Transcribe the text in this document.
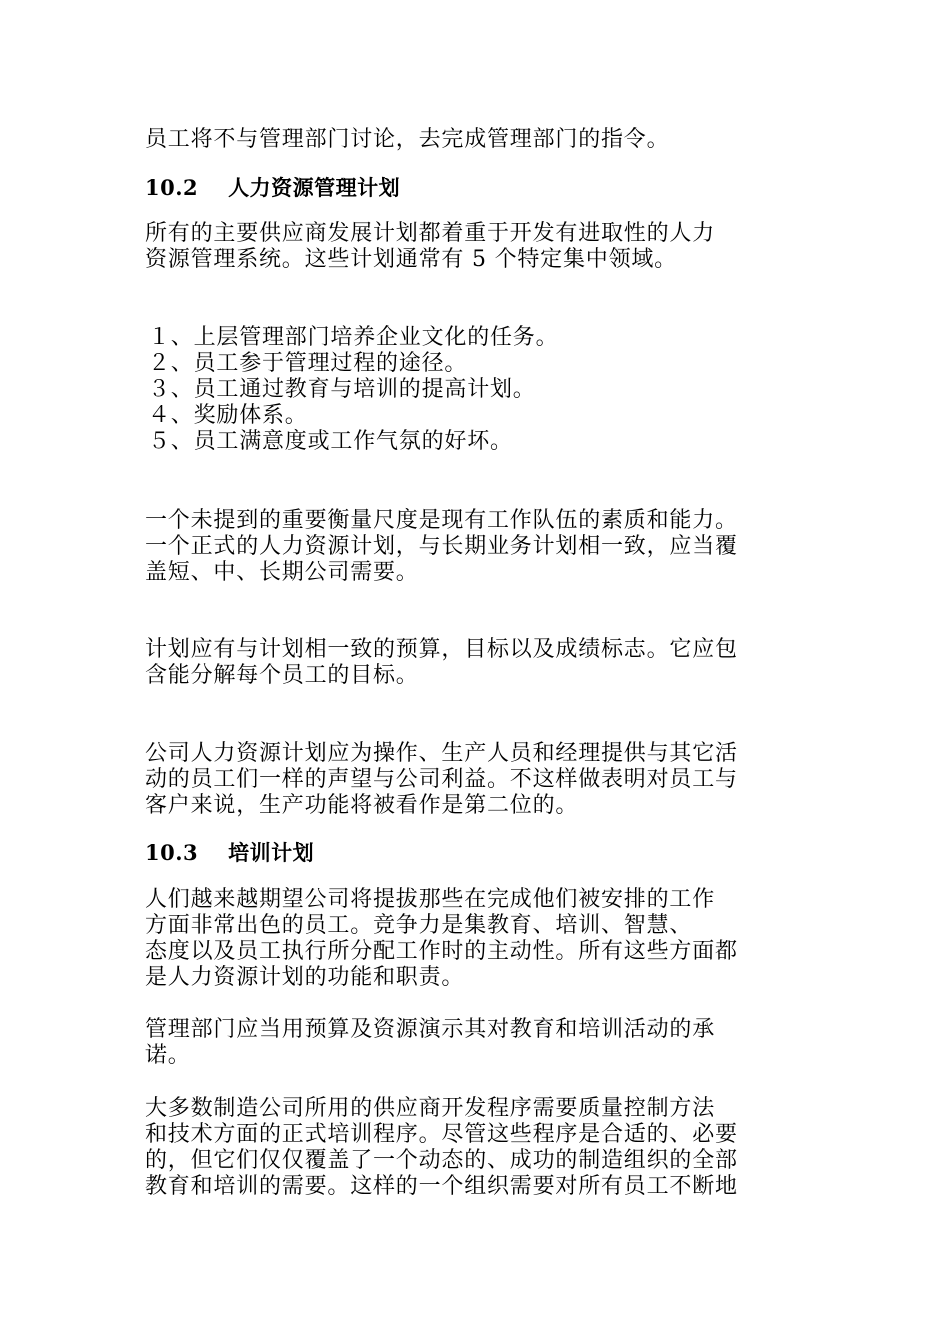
员工将不与管理部门讨论，去完成管理部门的指令。
10.2 人力资源管理计划
所有的主要供应商发展计划都着重于开发有进取性的人力
资源管理系统。这些计划通常有 5 个特定集中领域。
１、上层管理部门培养企业文化的任务。
２、员工参于管理过程的途径。
３、员工通过教育与培训的提高计划。
４、奖励体系。
５、员工满意度或工作气氛的好坏。
一个未提到的重要衡量尺度是现有工作队伍的素质和能力。
一个正式的人力资源计划，与长期业务计划相一致，应当覆
盖短、中、长期公司需要。
计划应有与计划相一致的预算，目标以及成绩标志。它应包
含能分解每个员工的目标。
公司人力资源计划应为操作、生产人员和经理提供与其它活
动的员工们一样的声望与公司利益。不这样做表明对员工与
客户来说，生产功能将被看作是第二位的。
10.3 培训计划
人们越来越期望公司将提拔那些在完成他们被安排的工作
方面非常出色的员工。竞争力是集教育、培训、智慧、
态度以及员工执行所分配工作时的主动性。所有这些方面都
是人力资源计划的功能和职责。
管理部门应当用预算及资源演示其对教育和培训活动的承
诺。
大多数制造公司所用的供应商开发程序需要质量控制方法
和技术方面的正式培训程序。尽管这些程序是合适的、必要
的，但它们仅仅覆盖了一个动态的、成功的制造组织的全部
教育和培训的需要。这样的一个组织需要对所有员工不断地
